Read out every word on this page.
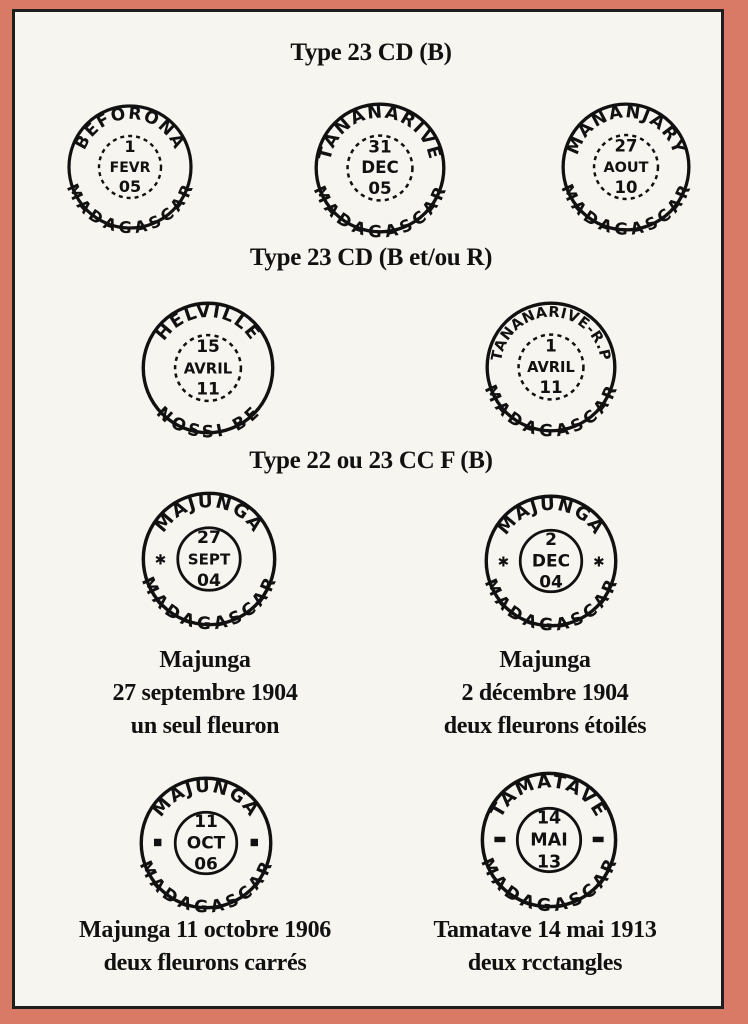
Type 23 CD (B)
Type 23 CD (B et/ou R)
Type 22 ou 23 CC F (B)
BEFORONA
MADAGASCAR
1
FEVR
05
TANANARIVE
MADAGASCAR
31
DEC
05
MANANJARY
MADAGASCAR
27
AOUT
10
HELVILLE
NOSSI-BE
15
AVRIL
11
TANANARIVE-R.P
MADAGASCAR
1
AVRIL
11
MAJUNGA
MADAGASCAR
27
SEPT
04
✱
MAJUNGA
MADAGASCAR
2
DEC
04
✱	✱
Majunga
27 septembre 1904
un seul fleuron
Majunga
2 décembre 1904
deux fleurons étoilés
MAJUNGA
MADAGASCAR
11
OCT
06
TAMATAVE
MADAGASCAR
14
MAI
13
Majunga 11 octobre 1906
deux fleurons carrés
Tamatave 14 mai 1913
deux rcctangles
